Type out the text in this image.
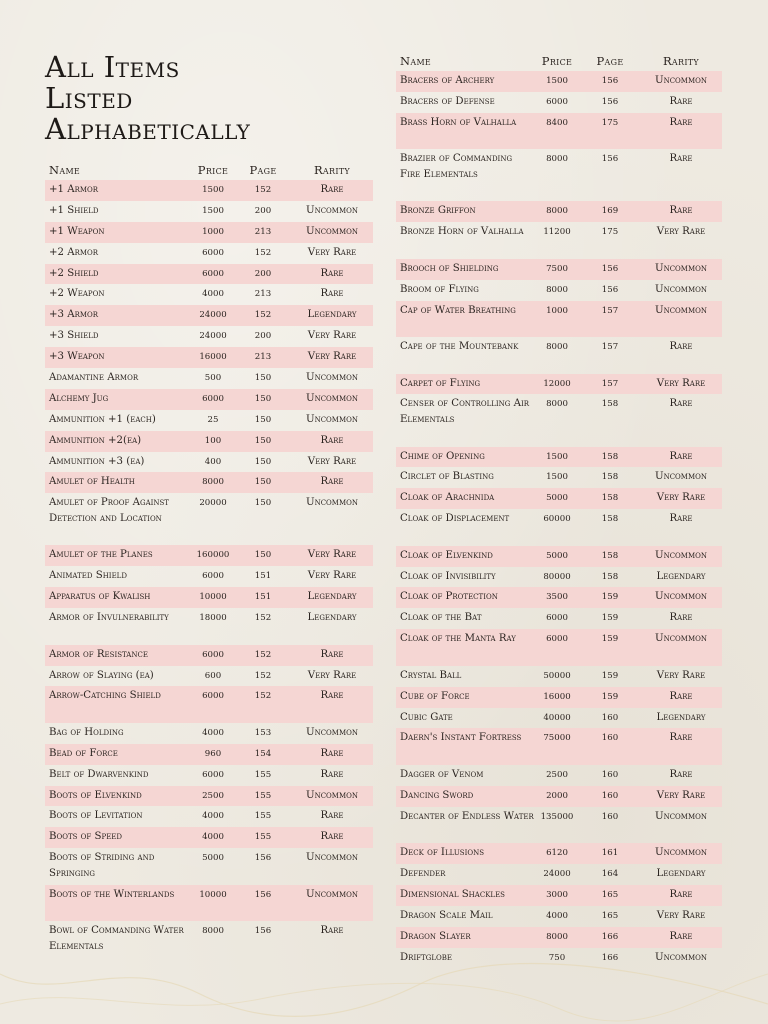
All Items
Listed
Alphabetically
Name	Price	Page	Rarity
+1 Armor	1500	152	Rare
+1 Shield	1500	200	Uncommon
+1 Weapon	1000	213	Uncommon
+2 Armor	6000	152	Very Rare
+2 Shield	6000	200	Rare
+2 Weapon	4000	213	Rare
+3 Armor	24000	152	Legendary
+3 Shield	24000	200	Very Rare
+3 Weapon	16000	213	Very Rare
Adamantine Armor	500	150	Uncommon
Alchemy Jug	6000	150	Uncommon
Ammunition +1 (each)	25	150	Uncommon
Ammunition +2(ea)	100	150	Rare
Ammunition +3 (ea)	400	150	Very Rare
Amulet of Health	8000	150	Rare
Amulet of Proof Against Detection and Location
20000	150	Uncommon
Amulet of the Planes	160000	150	Very Rare
Animated Shield	6000	151	Very Rare
Apparatus of Kwalish	10000	151	Legendary
Armor of Invulnerability	18000	152	Legendary
Armor of Resistance	6000	152	Rare
Arrow of Slaying (ea)	600	152	Very Rare
Arrow-Catching Shield	6000	152	Rare
Bag of Holding	4000	153	Uncommon
Bead of Force	960	154	Rare
Belt of Dwarvenkind	6000	155	Rare
Boots of Elvenkind	2500	155	Uncommon
Boots of Levitation	4000	155	Rare
Boots of Speed	4000	155	Rare
Boots of Striding and Springing
5000	156	Uncommon
Boots of the Winterlands	10000	156	Uncommon
Bowl of Commanding Water Elementals
8000	156	Rare
Name	Price	Page	Rarity
Bracers of Archery	1500	156	Uncommon
Bracers of Defense	6000	156	Rare
Brass Horn of Valhalla	8400	175	Rare
Brazier of Commanding Fire Elementals
8000	156	Rare
Bronze Griffon	8000	169	Rare
Bronze Horn of Valhalla	11200	175	Very Rare
Brooch of Shielding	7500	156	Uncommon
Broom of Flying	8000	156	Uncommon
Cap of Water Breathing	1000	157	Uncommon
Cape of the Mountebank	8000	157	Rare
Carpet of Flying	12000	157	Very Rare
Censer of Controlling Air Elementals
8000	158	Rare
Chime of Opening	1500	158	Rare
Circlet of Blasting	1500	158	Uncommon
Cloak of Arachnida	5000	158	Very Rare
Cloak of Displacement	60000	158	Rare
Cloak of Elvenkind	5000	158	Uncommon
Cloak of Invisibility	80000	158	Legendary
Cloak of Protection	3500	159	Uncommon
Cloak of the Bat	6000	159	Rare
Cloak of the Manta Ray	6000	159	Uncommon
Crystal Ball	50000	159	Very Rare
Cube of Force	16000	159	Rare
Cubic Gate	40000	160	Legendary
Daern's Instant Fortress	75000	160	Rare
Dagger of Venom	2500	160	Rare
Dancing Sword	2000	160	Very Rare
Decanter of Endless Water 135000	160	Uncommon
Deck of Illusions	6120	161	Uncommon
Defender	24000	164	Legendary
Dimensional Shackles	3000	165	Rare
Dragon Scale Mail	4000	165	Very Rare
Dragon Slayer	8000	166	Rare
Driftglobe	750	166	Uncommon
